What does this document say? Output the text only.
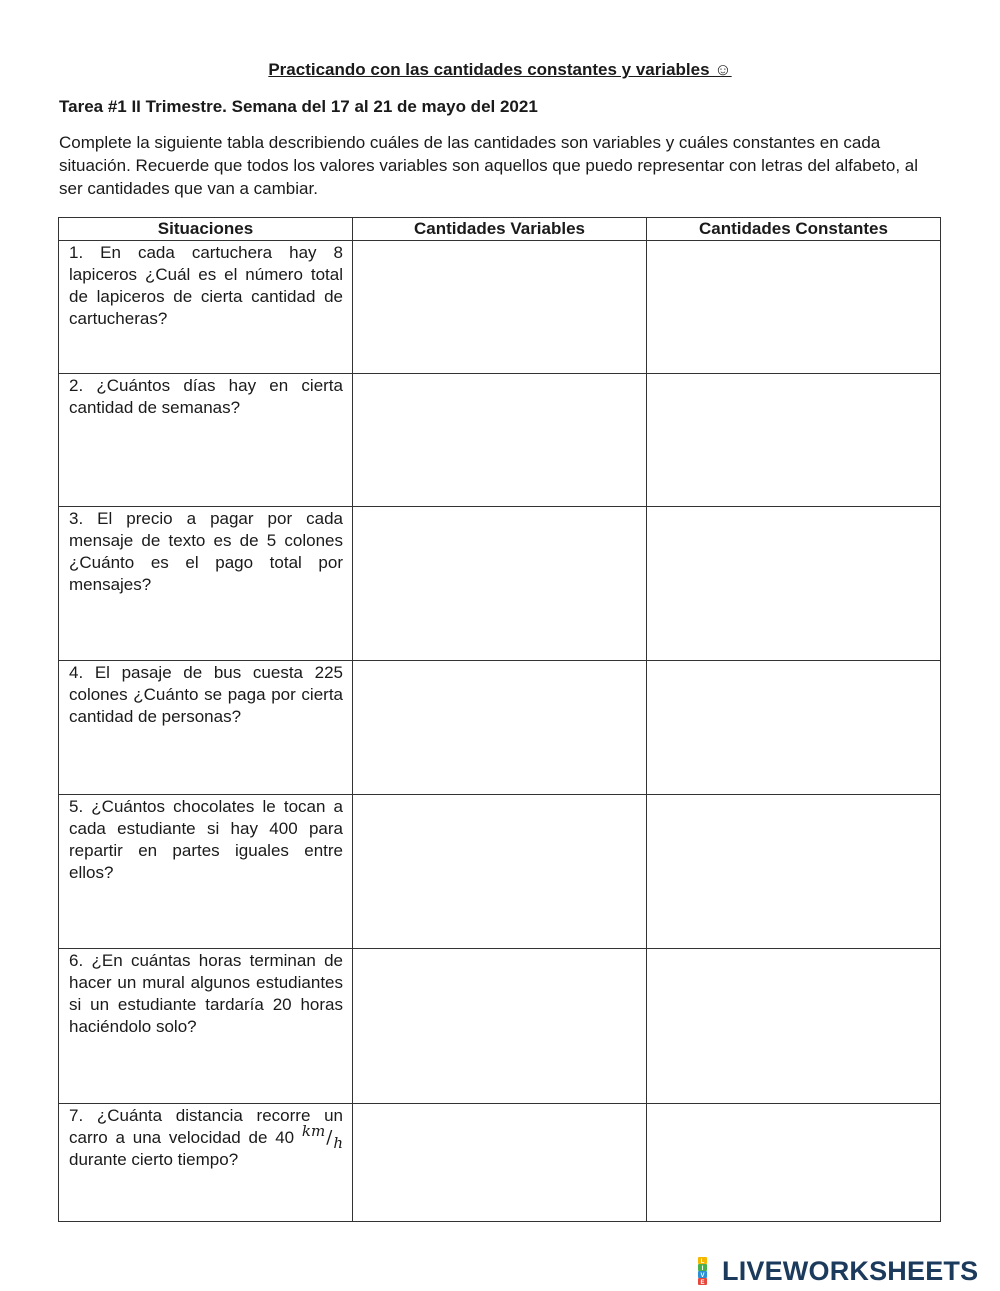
Practicando con las cantidades constantes y variables ☺
Tarea #1 II Trimestre. Semana del 17 al 21 de mayo del 2021

Complete la siguiente tabla describiendo cuáles de las cantidades son variables y cuáles constantes en cada situación. Recuerde que todos los valores variables son aquellos que puedo representar con letras del alfabeto, al ser cantidades que van a cambiar.

Situaciones	Cantidades Variables	Cantidades Constantes
1. En cada cartuchera hay 8 lapiceros ¿Cuál es el número total de lapiceros de cierta cantidad de cartucheras?	

2. ¿Cuántos días hay en cierta cantidad de semanas?	

3. El precio a pagar por cada mensaje de texto es de 5 colones ¿Cuánto es el pago total por mensajes?	

4. El pasaje de bus cuesta 225 colones ¿Cuánto se paga por cierta cantidad de personas?	

5. ¿Cuántos chocolates le tocan a cada estudiante si hay 400 para repartir en partes iguales entre ellos?	

6. ¿En cuántas horas terminan de hacer un mural algunos estudiantes si un estudiante tardaría 20 horas haciéndolo solo?	

7. ¿Cuánta distancia recorre un carro a una velocidad de 40 km/h durante cierto tiempo?	

L
I
V
E LIVEWORKSHEETS
